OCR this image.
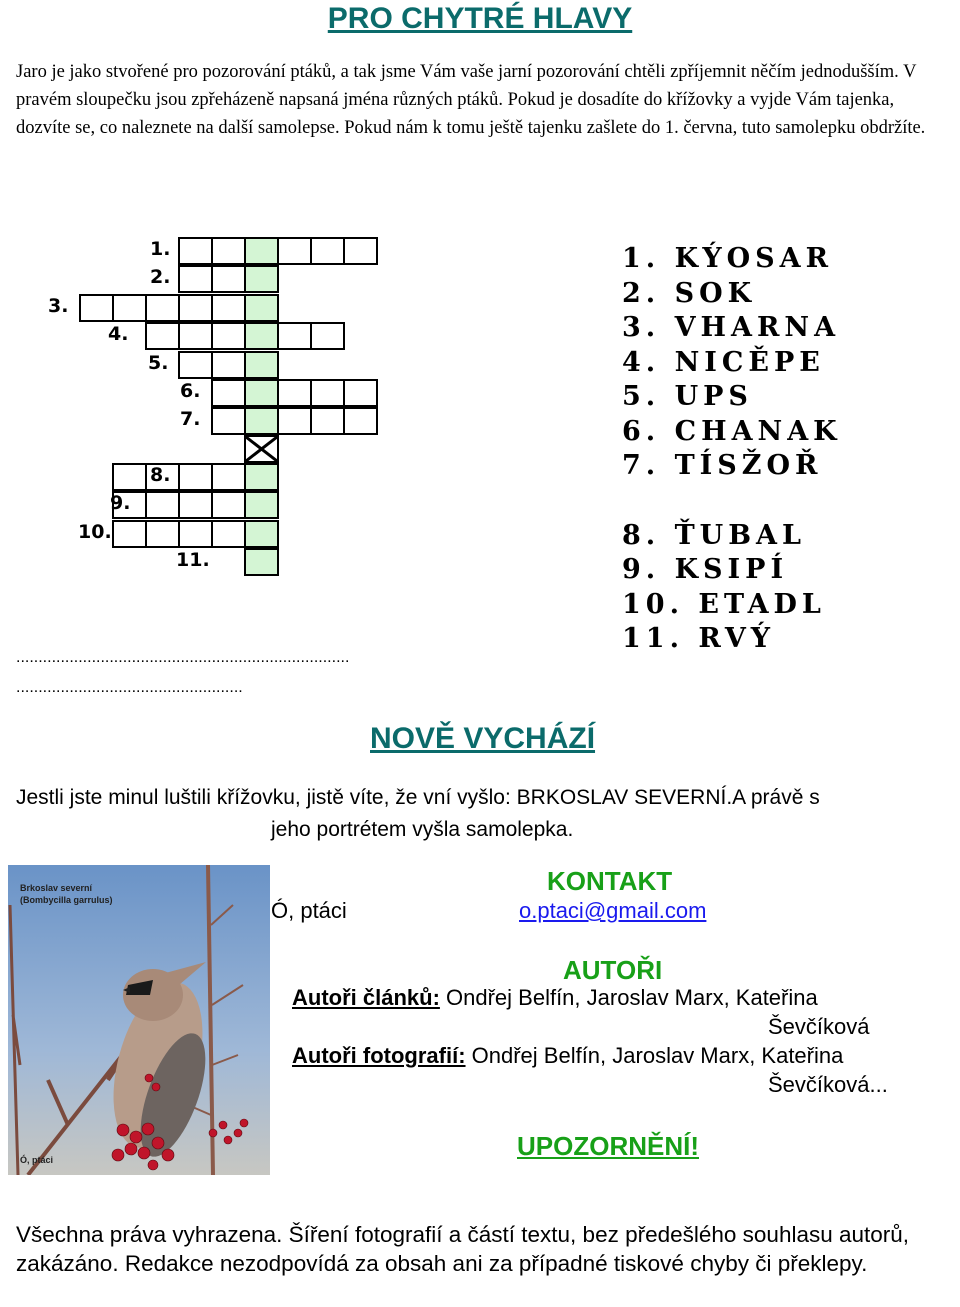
PRO CHYTRÉ HLAVY
Jaro je jako stvořené pro pozorování ptáků, a tak jsme Vám vaše jarní pozorování chtěli zpříjemnit něčím jednodušším. V pravém sloupečku jsou zpřeházeně napsaná jména různých ptáků. Pokud je dosadíte do křížovky a vyjde Vám tajenka, dozvíte se, co naleznete na další samolepse. Pokud nám k tomu ještě tajenku zašlete do 1. června, tuto samolepku obdržíte.
1.
2.
3.
4.
5.
6.
7.
8.
9.
10.
11.
1. KÝOSAR
2. SOK
3. VHARNA
4. NICĚPE
5. UPS
6. CHANAK
7. TÍSŽOŘ
8. ŤUBAL
9. KSIPÍ
10. ETADL
11. RVÝ
...........................................................................
...................................................
NOVĚ VYCHÁZÍ
Jestli jste minul luštili křížovku, jistě víte, že vní vyšlo: BRKOSLAV SEVERNÍ.A právě s
jeho portrétem vyšla samolepka.
Brkoslav severní
(Bombycilla garrulus)
Ó, ptáci
KONTAKT
Ó, ptáci	o.ptaci@gmail.com
AUTOŘI
Autoři článků: Ondřej Belfín, Jaroslav Marx, Kateřina
Ševčíková
Autoři fotografií: Ondřej Belfín, Jaroslav Marx, Kateřina
Ševčíková...
UPOZORNĚNÍ!
Všechna práva vyhrazena. Šíření fotografií a částí textu, bez předešlého souhlasu autorů, zakázáno. Redakce nezodpovídá za obsah ani za případné tiskové chyby či překlepy.
